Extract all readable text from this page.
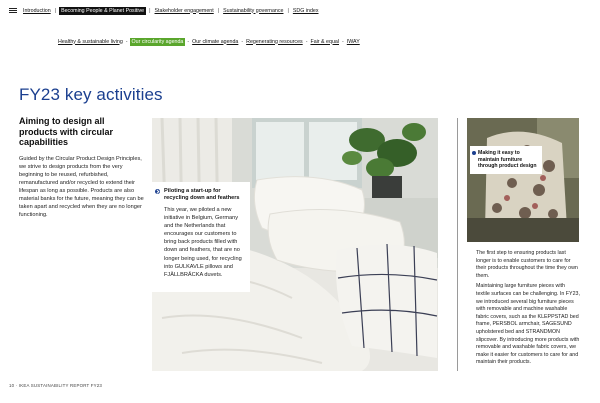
Introduction | Becoming People & Planet Positive | Stakeholder engagement | Sustainability governance | SDG index
Healthy & sustainable living - Our circularity agenda - Our climate agenda - Regenerating resources - Fair & equal - IWAY
FY23 key activities
Aiming to design all products with circular capabilities

Guided by the Circular Product Design Principles, we strive to design products from the very beginning to be reused, refurbished, remanufactured and/or recycled to extend their lifespan as long as possible. Products are also material banks for the future, meaning they can be taken apart and recycled when they are no longer functioning.

Piloting a start-up for recycling down and feathers
This year, we piloted a new initiative in Belgium, Germany and the Netherlands that encourages our customers to bring back products filled with down and feathers, that are no longer being used, for recycling into GULKAVLE pillows and FJÄLLBRÄCKA duvets.
Making it easy to maintain furniture through product design

The first step to ensuring products last longer is to enable customers to care for their products throughout the time they own them.

Maintaining large furniture pieces with textile surfaces can be challenging. In FY23, we introduced several big furniture pieces with removable and machine washable fabric covers, such as the KLEPPSTAD bed frame, PERSBOL armchair, SAGESUND upholstered bed and STRANDMON slipcover. By introducing more products with removable and washable fabric covers, we make it easier for customers to care for and maintain their products.

10 · IKEA SUSTAINABILITY REPORT FY23
